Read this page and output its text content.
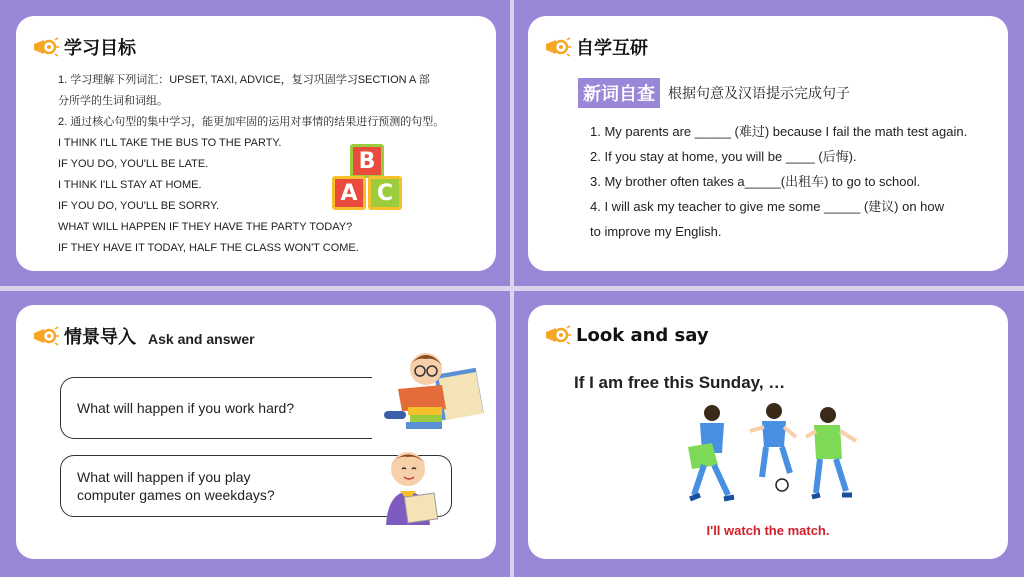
学习目标
1. 学习理解下列词汇：UPSET, TAXI, ADVICE，复习巩固学习SECTION A 部
分所学的生词和词组。
2. 通过核心句型的集中学习，能更加牢固的运用对事情的结果进行预测的句型。
I THINK I'LL TAKE THE BUS TO THE PARTY.
IF YOU DO, YOU'LL BE LATE.
I THINK I'LL STAY AT HOME.
IF YOU DO, YOU'LL BE SORRY.
WHAT WILL HAPPEN IF THEY HAVE THE PARTY TODAY?
IF THEY HAVE IT TODAY, HALF THE CLASS WON'T COME.
B
A C
自学互研
新词自查 根据句意及汉语提示完成句子
1. My parents are _____ (难过) because I fail the math test again.
2. If you stay at home, you will be ____ (后悔).
3. My brother often takes a_____(出租车) to go to school.
4. I will ask my teacher to give me some _____ (建议) on how
to improve my English.
情景导入 Ask and answer
What will happen if you work hard?
What will happen if you play
computer games on weekdays?
Look and say
If I am free this Sunday, …
I'll watch the match.
